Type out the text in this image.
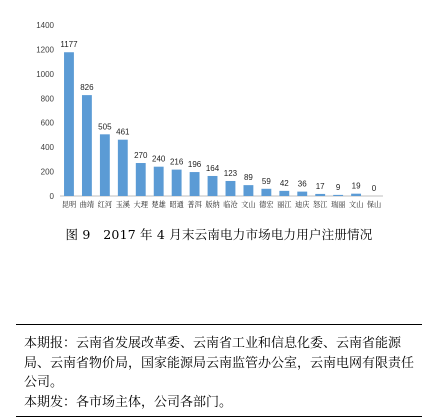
0
200
400
600
800
1000
1200
1400
1177
昆明
826
曲靖
505
红河
461
玉溪
270
大理
240
楚雄
216
昭通
196
普洱
164
版纳
123
临沧
89
文山
59
德宏
42
丽江
36
迪庆
17
怒江
9
瑞丽
19
文山
0
保山
图 9　2017 年 4 月末云南电力市场电力用户注册情况

本期报：云南省发展改革委、云南省工业和信息化委、云南省能源局、云南省物价局，国家能源局云南监管办公室，云南电网有限责任公司。

本期发：各市场主体，公司各部门。
